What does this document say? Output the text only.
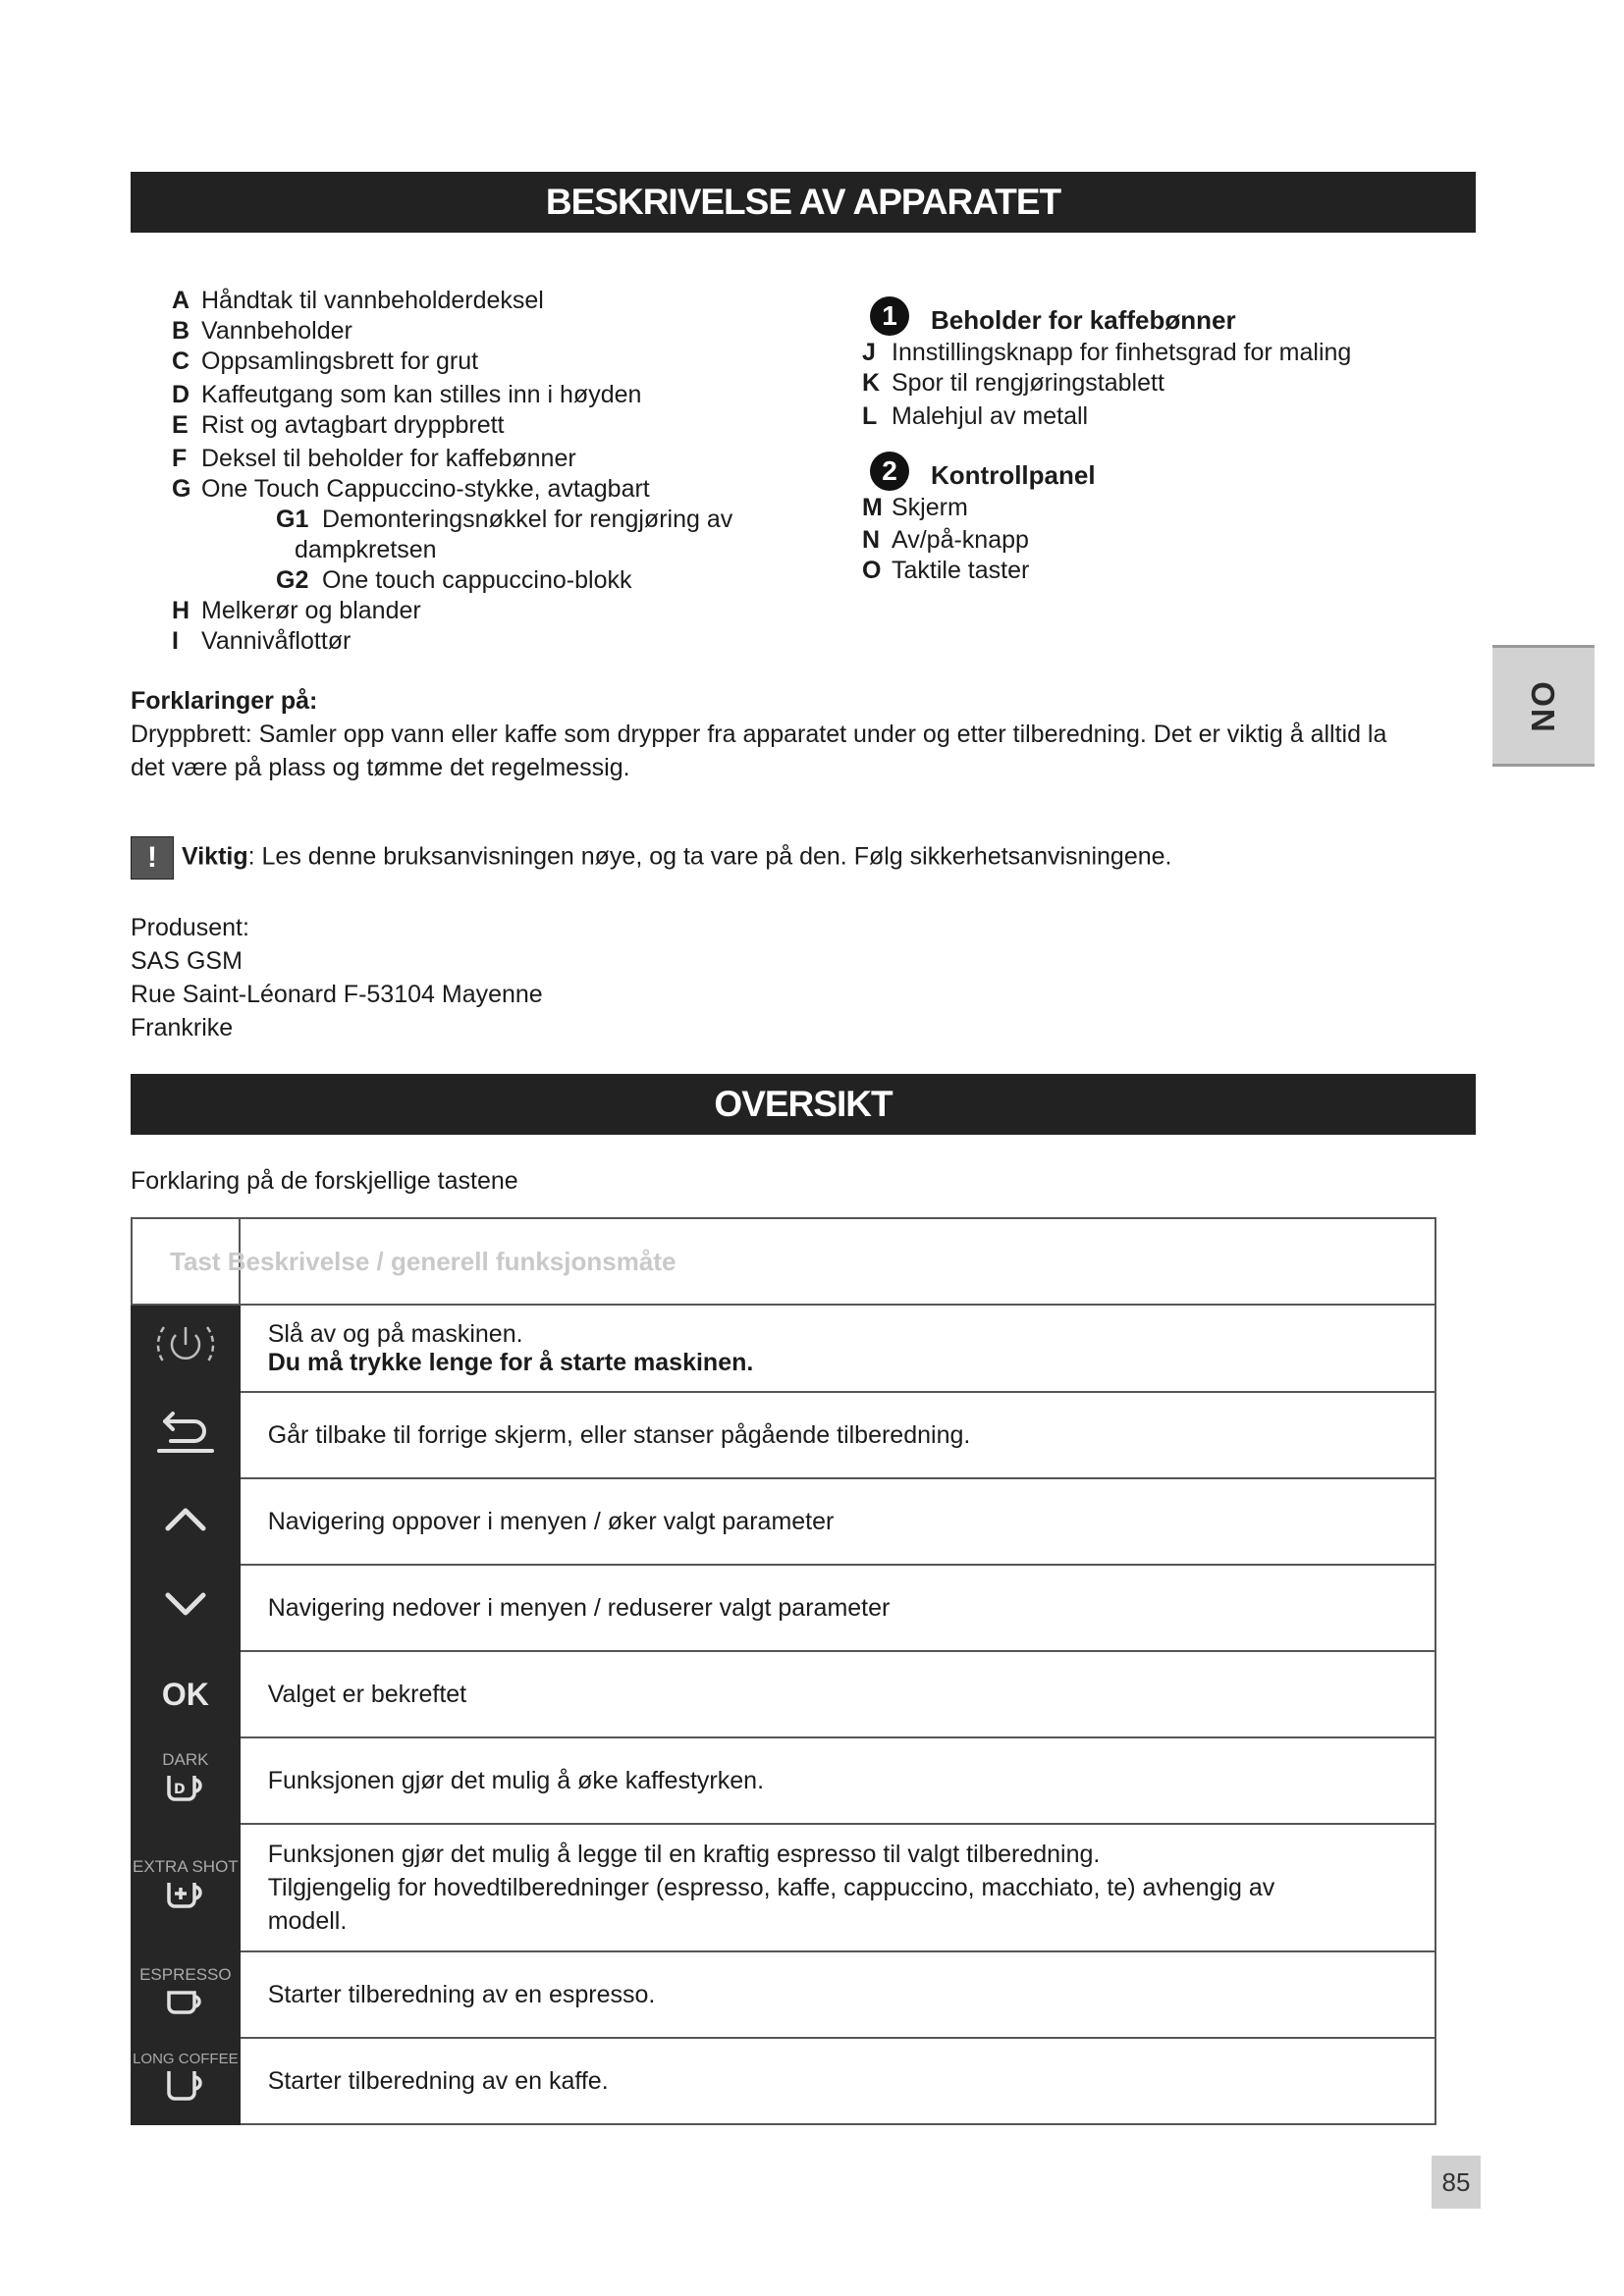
BESKRIVELSE AV APPARATET
A Håndtak til vannbeholderdeksel
B Vannbeholder
C Oppsamlingsbrett for grut
D Kaffeutgang som kan stilles inn i høyden
E Rist og avtagbart dryppbrett
F Deksel til beholder for kaffebønner
G One Touch Cappuccino-stykke, avtagbart
G1 Demonteringsnøkkel for rengjøring av
dampkretsen
G2 One touch cappuccino-blokk
H Melkerør og blander
I Vannivåflottør
1	Beholder for kaffebønner
J Innstillingsknapp for finhetsgrad for maling
K Spor til rengjøringstablett
L Malehjul av metall
2	Kontrollpanel
M Skjerm
N Av/på-knapp
O Taktile taster
NO
Forklaringer på:
Dryppbrett: Samler opp vann eller kaffe som drypper fra apparatet under og etter tilberedning. Det er viktig å alltid la
det være på plass og tømme det regelmessig.
! Viktig: Les denne bruksanvisningen nøye, og ta vare på den. Følg sikkerhetsanvisningene.
Produsent:
SAS GSM
Rue Saint-Léonard F-53104 Mayenne
Frankrike
OVERSIKT
Forklaring på de forskjellige tastene
Tast Beskrivelse / generell funksjonsmåte	

Slå av og på maskinen.
Du må trykke lenge for å starte maskinen.

	Går tilbake til forrige skjerm, eller stanser pågående tilberedning.
	Navigering oppover i menyen / øker valgt parameter
	Navigering nedover i menyen / reduserer valgt parameter
OK	Valget er bekreftet

DARK
D	Funksjonen gjør det mulig å øke kaffestyrken.

EXTRA SHOT	Funksjonen gjør det mulig å legge til en kraftig espresso til valgt tilberedning.
Tilgjengelig for hovedtilberedninger (espresso, kaffe, cappuccino, macchiato, te) avhengig av
modell.

ESPRESSO	Starter tilberedning av en espresso.

LONG COFFEE	Starter tilberedning av en kaffe.
85
